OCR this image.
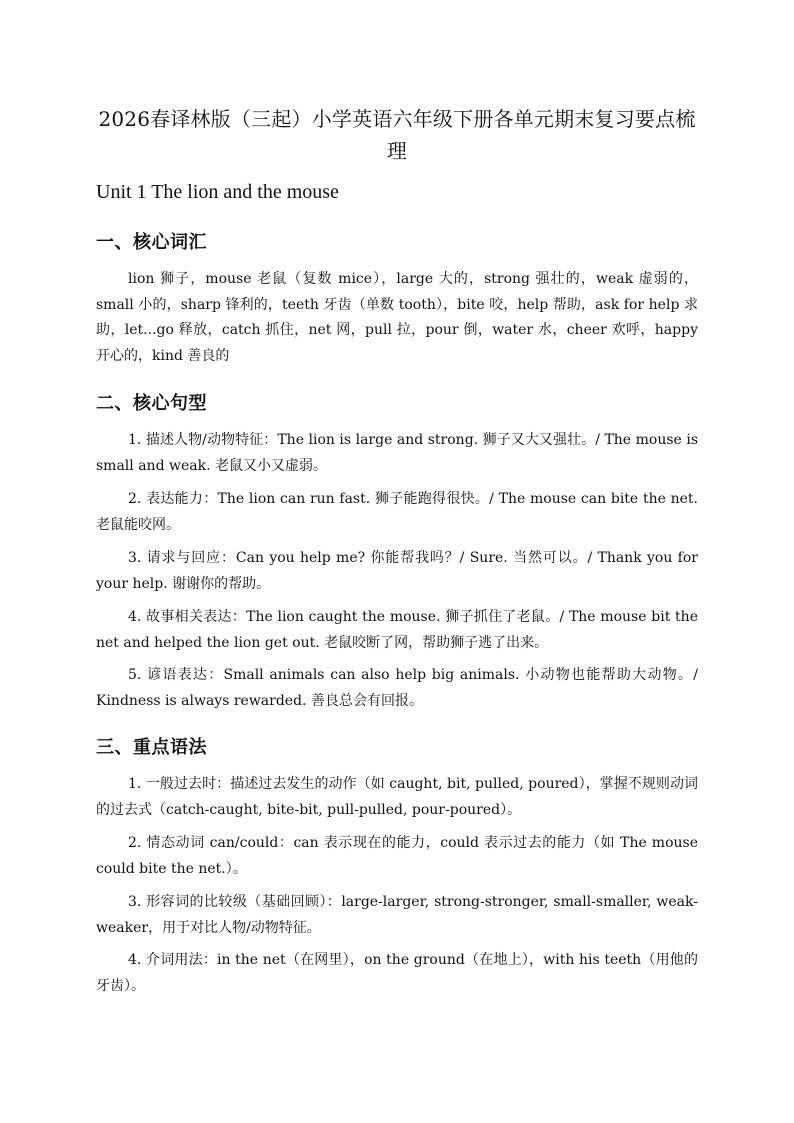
2026春译林版（三起）小学英语六年级下册各单元期末复习要点梳理
Unit 1 The lion and the mouse
一、核心词汇

lion 狮子，mouse 老鼠（复数 mice），large 大的，strong 强壮的，weak 虚弱的，small 小的，sharp 锋利的，teeth 牙齿（单数 tooth），bite 咬，help 帮助，ask for help 求助，let...go 释放，catch 抓住，net 网，pull 拉，pour 倒，water 水，cheer 欢呼，happy 开心的，kind 善良的

二、核心句型

1. 描述人物/动物特征：The lion is large and strong. 狮子又大又强壮。/ The mouse is small and weak. 老鼠又小又虚弱。

2. 表达能力：The lion can run fast. 狮子能跑得很快。/ The mouse can bite the net. 老鼠能咬网。

3. 请求与回应：Can you help me? 你能帮我吗？/ Sure. 当然可以。/ Thank you for your help. 谢谢你的帮助。

4. 故事相关表达：The lion caught the mouse. 狮子抓住了老鼠。/ The mouse bit the net and helped the lion get out. 老鼠咬断了网，帮助狮子逃了出来。

5. 谚语表达：Small animals can also help big animals. 小动物也能帮助大动物。/ Kindness is always rewarded. 善良总会有回报。

三、重点语法

1. 一般过去时：描述过去发生的动作（如 caught, bit, pulled, poured），掌握不规则动词的过去式（catch-caught, bite-bit, pull-pulled, pour-poured）。

2. 情态动词 can/could：can 表示现在的能力，could 表示过去的能力（如 The mouse could bite the net.）。

3. 形容词的比较级（基础回顾）：large-larger, strong-stronger, small-smaller, weak-weaker，用于对比人物/动物特征。

4. 介词用法：in the net（在网里），on the ground（在地上），with his teeth（用他的牙齿）。
